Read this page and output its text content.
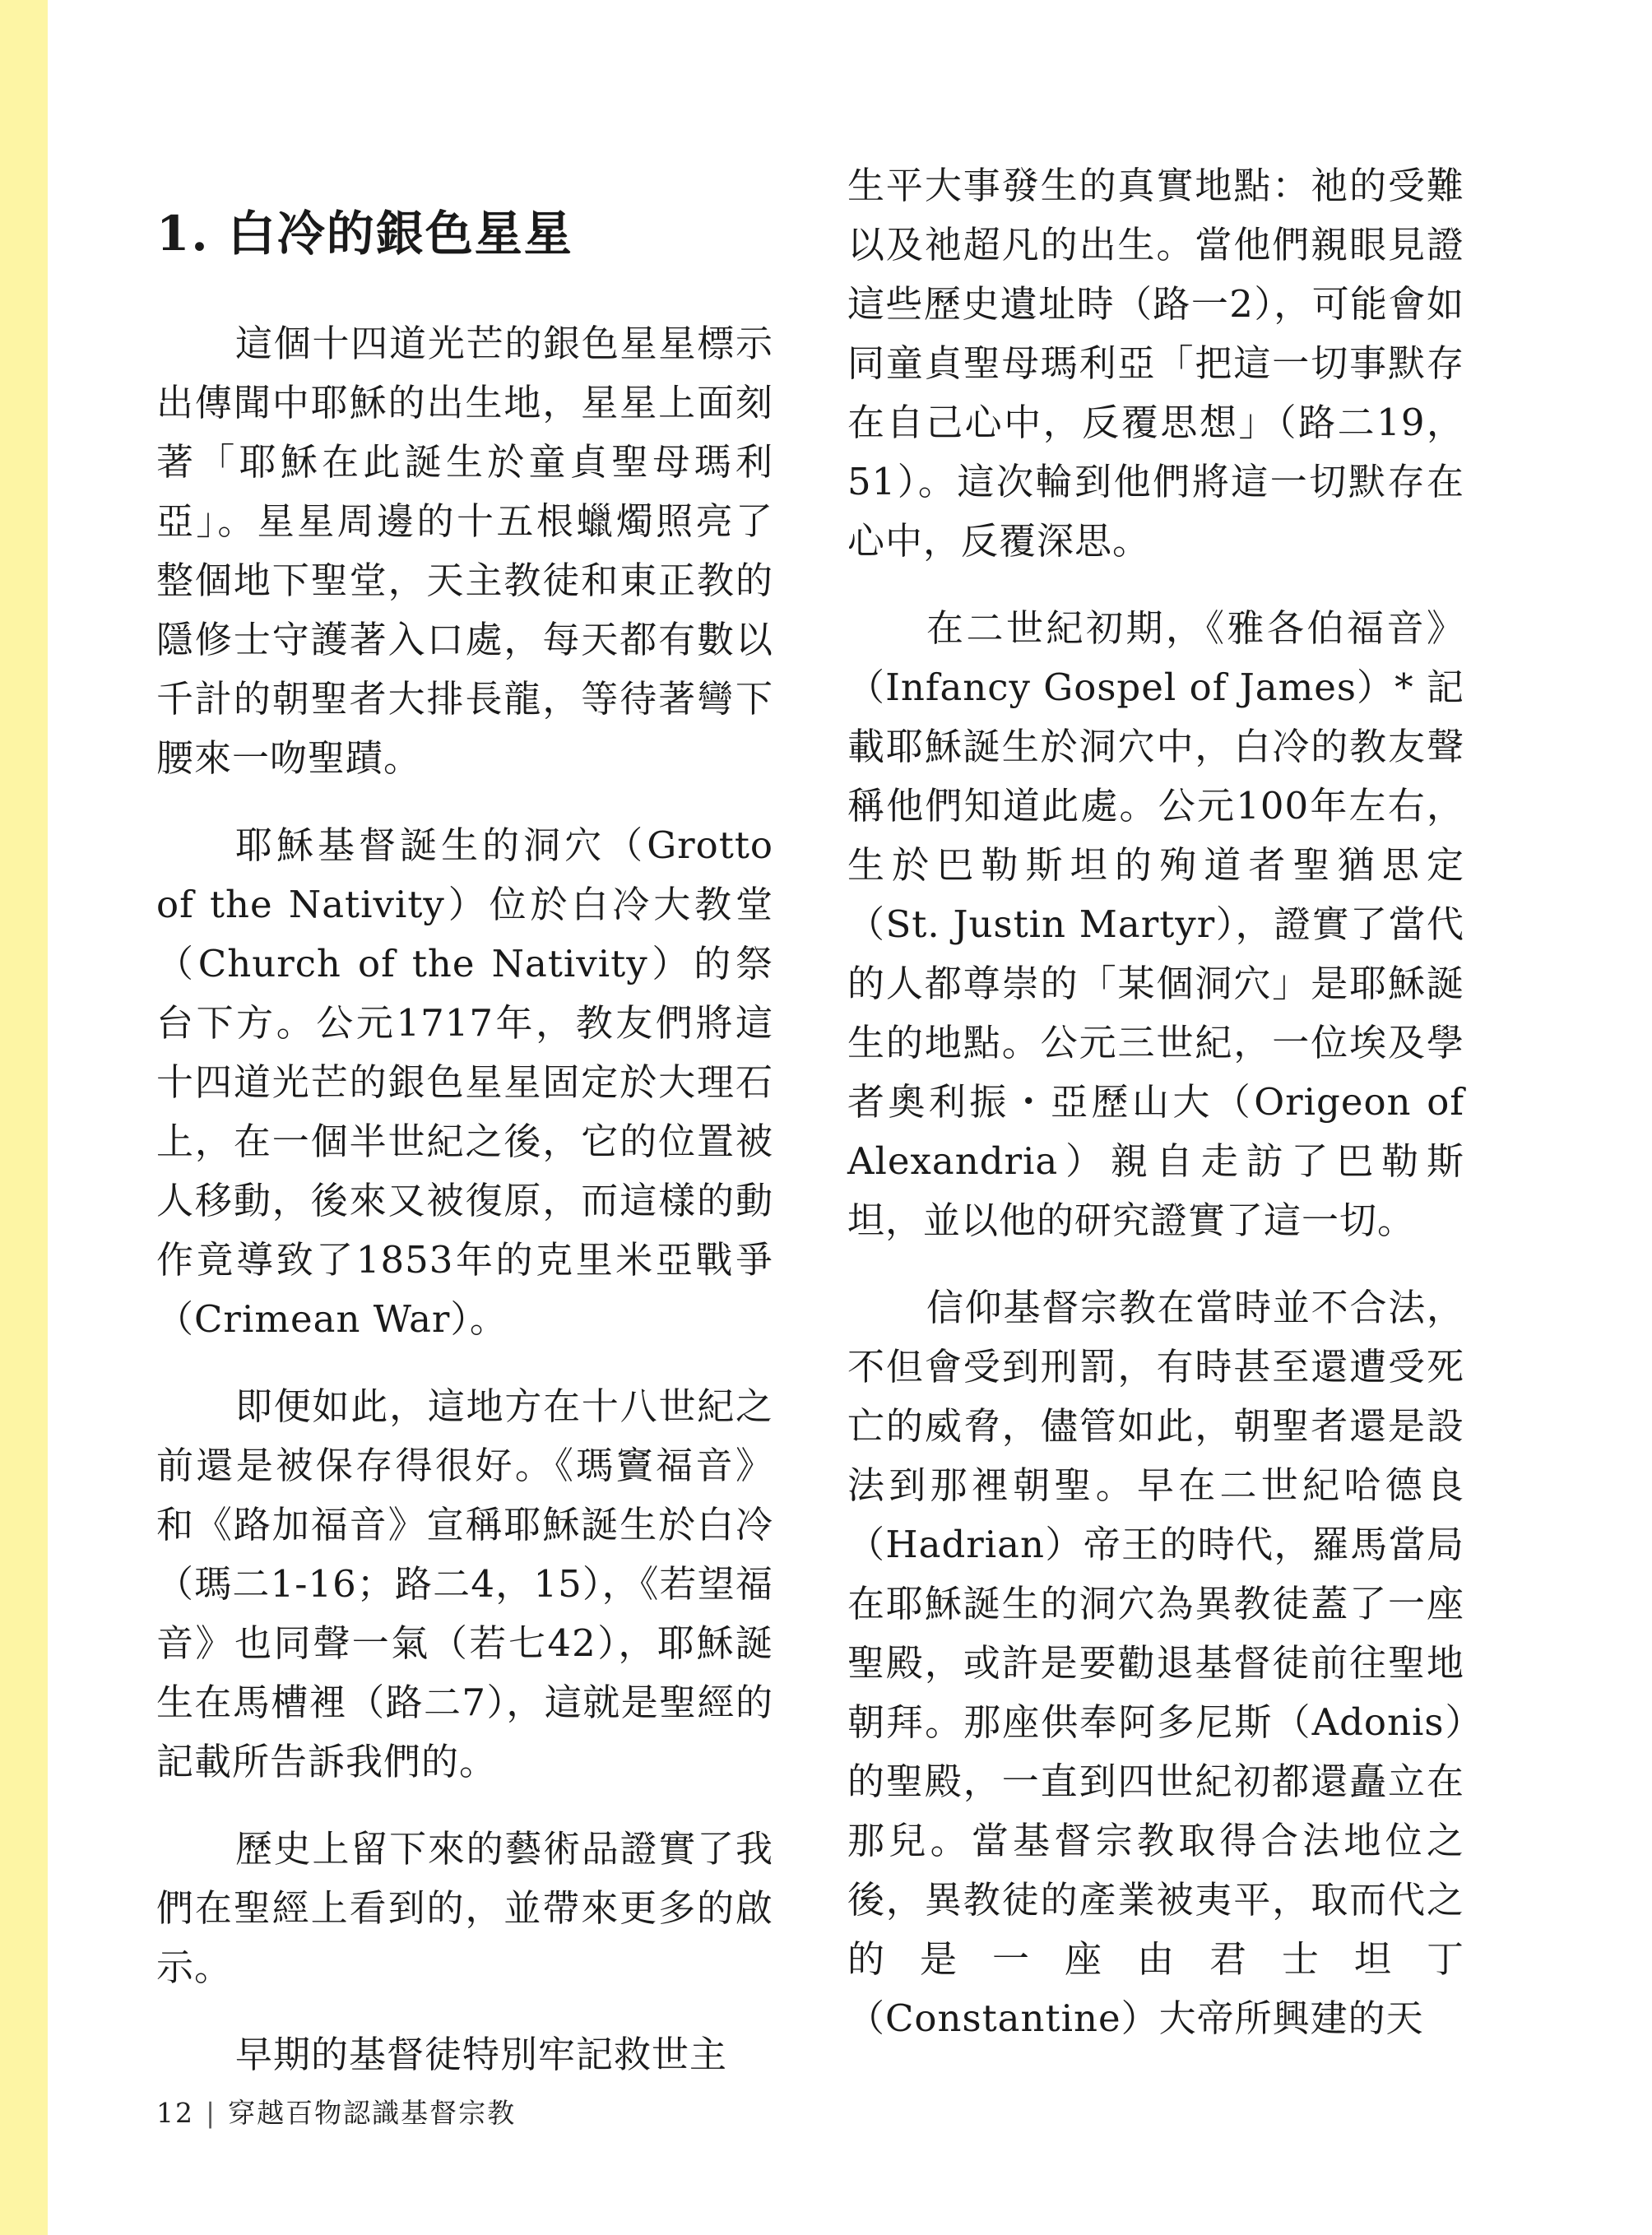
1. 白冷的銀色星星

這個十四道光芒的銀色星星標示出傳聞中耶穌的出生地，星星上面刻著「耶穌在此誕生於童貞聖母瑪利亞」。星星周邊的十五根蠟燭照亮了整個地下聖堂，天主教徒和東正教的隱修士守護著入口處，每天都有數以千計的朝聖者大排長龍，等待著彎下腰來一吻聖蹟。

耶穌基督誕生的洞穴（Grotto of the Nativity）位於白冷大教堂（Church of the Nativity）的祭台下方。公元1717年，教友們將這十四道光芒的銀色星星固定於大理石上，在一個半世紀之後，它的位置被人移動，後來又被復原，而這樣的動作竟導致了1853年的克里米亞戰爭（Crimean War）。

即便如此，這地方在十八世紀之前還是被保存得很好。《瑪竇福音》和《路加福音》宣稱耶穌誕生於白冷（瑪二1-16；路二4，15），《若望福音》也同聲一氣（若七42），耶穌誕生在馬槽裡（路二7），這就是聖經的記載所告訴我們的。

歷史上留下來的藝術品證實了我們在聖經上看到的，並帶來更多的啟示。

早期的基督徒特別牢記救世主

生平大事發生的真實地點：祂的受難以及祂超凡的出生。當他們親眼見證這些歷史遺址時（路一2），可能會如同童貞聖母瑪利亞「把這一切事默存在自己心中，反覆思想」（路二19，51）。這次輪到他們將這一切默存在心中，反覆深思。

在二世紀初期，《雅各伯福音》（Infancy Gospel of James）* 記載耶穌誕生於洞穴中，白冷的教友聲稱他們知道此處。公元100年左右，生於巴勒斯坦的殉道者聖猶思定（St. Justin Martyr），證實了當代的人都尊崇的「某個洞穴」是耶穌誕生的地點。公元三世紀，一位埃及學者奧利振・亞歷山大（Origeon of Alexandria）親自走訪了巴勒斯坦，並以他的研究證實了這一切。

信仰基督宗教在當時並不合法，不但會受到刑罰，有時甚至還遭受死亡的威脅，儘管如此，朝聖者還是設法到那裡朝聖。早在二世紀哈德良（Hadrian）帝王的時代，羅馬當局在耶穌誕生的洞穴為異教徒蓋了一座聖殿，或許是要勸退基督徒前往聖地朝拜。那座供奉阿多尼斯（Adonis）的聖殿，一直到四世紀初都還矗立在那兒。當基督宗教取得合法地位之後，異教徒的產業被夷平，取而代之的是一座由君士坦丁（Constantine）大帝所興建的天

12 | 穿越百物認識基督宗教
